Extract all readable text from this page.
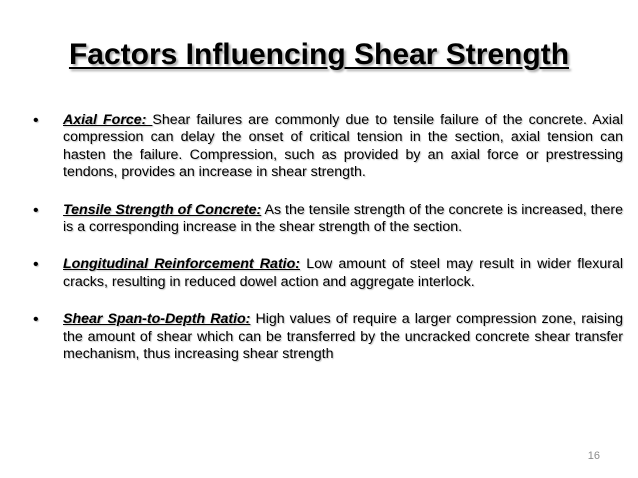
Factors Influencing Shear Strength
• Axial Force: Shear failures are commonly due to tensile failure of the concrete. Axial compression can delay the onset of critical tension in the section, axial tension can hasten the failure. Compression, such as provided by an axial force or prestressing tendons, provides an increase in shear strength.
• Tensile Strength of Concrete: As the tensile strength of the concrete is increased, there is a corresponding increase in the shear strength of the section.
• Longitudinal Reinforcement Ratio: Low amount of steel may result in wider flexural cracks, resulting in reduced dowel action and aggregate interlock.
• Shear Span-to-Depth Ratio: High values of require a larger compression zone, raising the amount of shear which can be transferred by the uncracked concrete shear transfer mechanism, thus increasing shear strength
16
